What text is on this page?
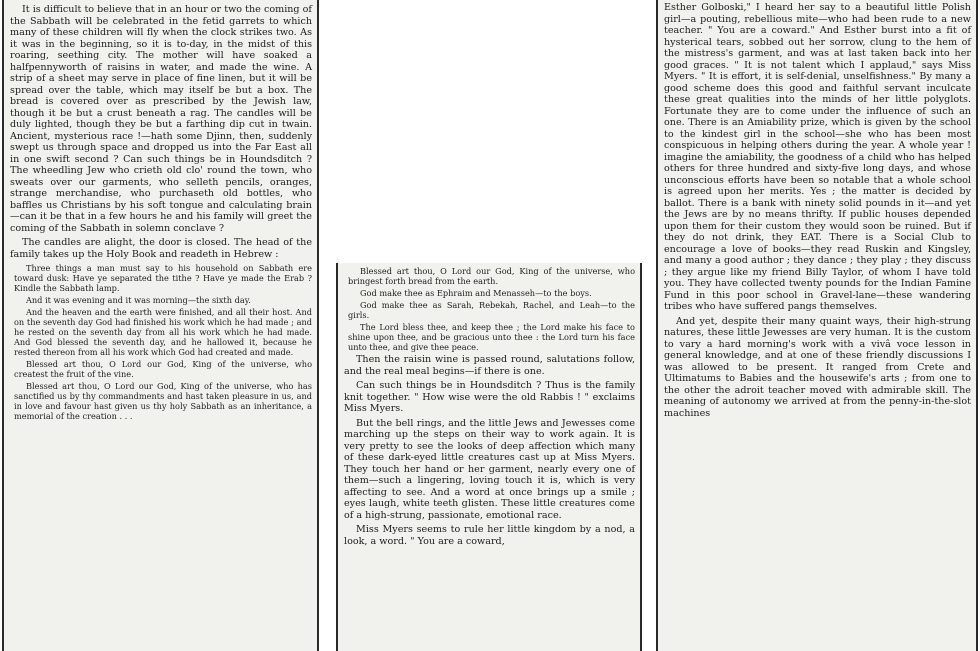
It is difficult to believe that in an hour or two the coming of the Sabbath will be celebrated in the fetid garrets to which many of these children will fly when the clock strikes two. As it was in the beginning, so it is to-day, in the midst of this roaring, seething city. The mother will have soaked a halfpennyworth of raisins in water, and made the wine. A strip of a sheet may serve in place of fine linen, but it will be spread over the table, which may itself be but a box. The bread is covered over as prescribed by the Jewish law, though it be but a crust beneath a rag. The candles will be duly lighted, though they be but a farthing dip cut in twain. Ancient, mysterious race !—hath some Djinn, then, suddenly swept us through space and dropped us into the Far East all in one swift second ? Can such things be in Houndsditch ? The wheedling Jew who crieth old clo' round the town, who sweats over our garments, who selleth pencils, oranges, strange merchandise, who purchaseth old bottles, who baffles us Christians by his soft tongue and calculating brain—can it be that in a few hours he and his family will greet the coming of the Sabbath in solemn conclave ?

The candles are alight, the door is closed. The head of the family takes up the Holy Book and readeth in Hebrew :

Three things a man must say to his household on Sabbath ere toward dusk: Have ye separated the tithe ? Have ye made the Erab ? Kindle the Sabbath lamp.

And it was evening and it was morning—the sixth day.

And the heaven and the earth were finished, and all their host. And on the seventh day God had finished his work which he had made ; and he rested on the seventh day from all his work which he had made. And God blessed the seventh day, and he hallowed it, because he rested thereon from all his work which God had created and made.

Blessed art thou, O Lord our God, King of the universe, who createst the fruit of the vine.

Blessed art thou, O Lord our God, King of the universe, who has sanctified us by thy commandments and hast taken pleasure in us, and in love and favour hast given us thy holy Sabbath as an inheritance, a memorial of the creation . . .

Blessed art thou, O Lord our God, King of the universe, who bringest forth bread from the earth.

God make thee as Ephraim and Menasseh—to the boys.

God make thee as Sarah, Rebekah, Rachel, and Leah—to the girls.

The Lord bless thee, and keep thee ; the Lord make his face to shine upon thee, and be gracious unto thee : the Lord turn his face unto thee, and give thee peace.

Then the raisin wine is passed round, salutations follow, and the real meal begins—if there is one.

Can such things be in Houndsditch ? Thus is the family knit together. " How wise were the old Rabbis ! " exclaims Miss Myers.

But the bell rings, and the little Jews and Jewesses come marching up the steps on their way to work again. It is very pretty to see the looks of deep affection which many of these dark-eyed little creatures cast up at Miss Myers. They touch her hand or her garment, nearly every one of them—such a lingering, loving touch it is, which is very affecting to see. And a word at once brings up a smile ; eyes laugh, white teeth glisten. These little creatures come of a high-strung, passionate, emotional race.

Miss Myers seems to rule her little kingdom by a nod, a look, a word. " You are a coward,

Esther Golboski," I heard her say to a beautiful little Polish girl—a pouting, rebellious mite—who had been rude to a new teacher. " You are a coward." And Esther burst into a fit of hysterical tears, sobbed out her sorrow, clung to the hem of the mistress's garment, and was at last taken back into her good graces. " It is not talent which I applaud," says Miss Myers. " It is effort, it is self-denial, unselfishness." By many a good scheme does this good and faithful servant inculcate these great qualities into the minds of her little polyglots. Fortunate they are to come under the influence of such an one. There is an Amiability prize, which is given by the school to the kindest girl in the school—she who has been most conspicuous in helping others during the year. A whole year ! imagine the amiability, the goodness of a child who has helped others for three hundred and sixty-five long days, and whose unconscious efforts have been so notable that a whole school is agreed upon her merits. Yes ; the matter is decided by ballot. There is a bank with ninety solid pounds in it—and yet the Jews are by no means thrifty. If public houses depended upon them for their custom they would soon be ruined. But if they do not drink, they EAT. There is a Social Club to encourage a love of books—they read Ruskin and Kingsley, and many a good author ; they dance ; they play ; they discuss ; they argue like my friend Billy Taylor, of whom I have told you. They have collected twenty pounds for the Indian Famine Fund in this poor school in Gravel-lane—these wandering tribes who have suffered pangs themselves.

And yet, despite their many quaint ways, their high-strung natures, these little Jewesses are very human. It is the custom to vary a hard morning's work with a vivâ voce lesson in general knowledge, and at one of these friendly discussions I was allowed to be present. It ranged from Crete and Ultimatums to Babies and the housewife's arts ; from one to the other the adroit teacher moved with admirable skill. The meaning of autonomy we arrived at from the penny-in-the-slot machines
